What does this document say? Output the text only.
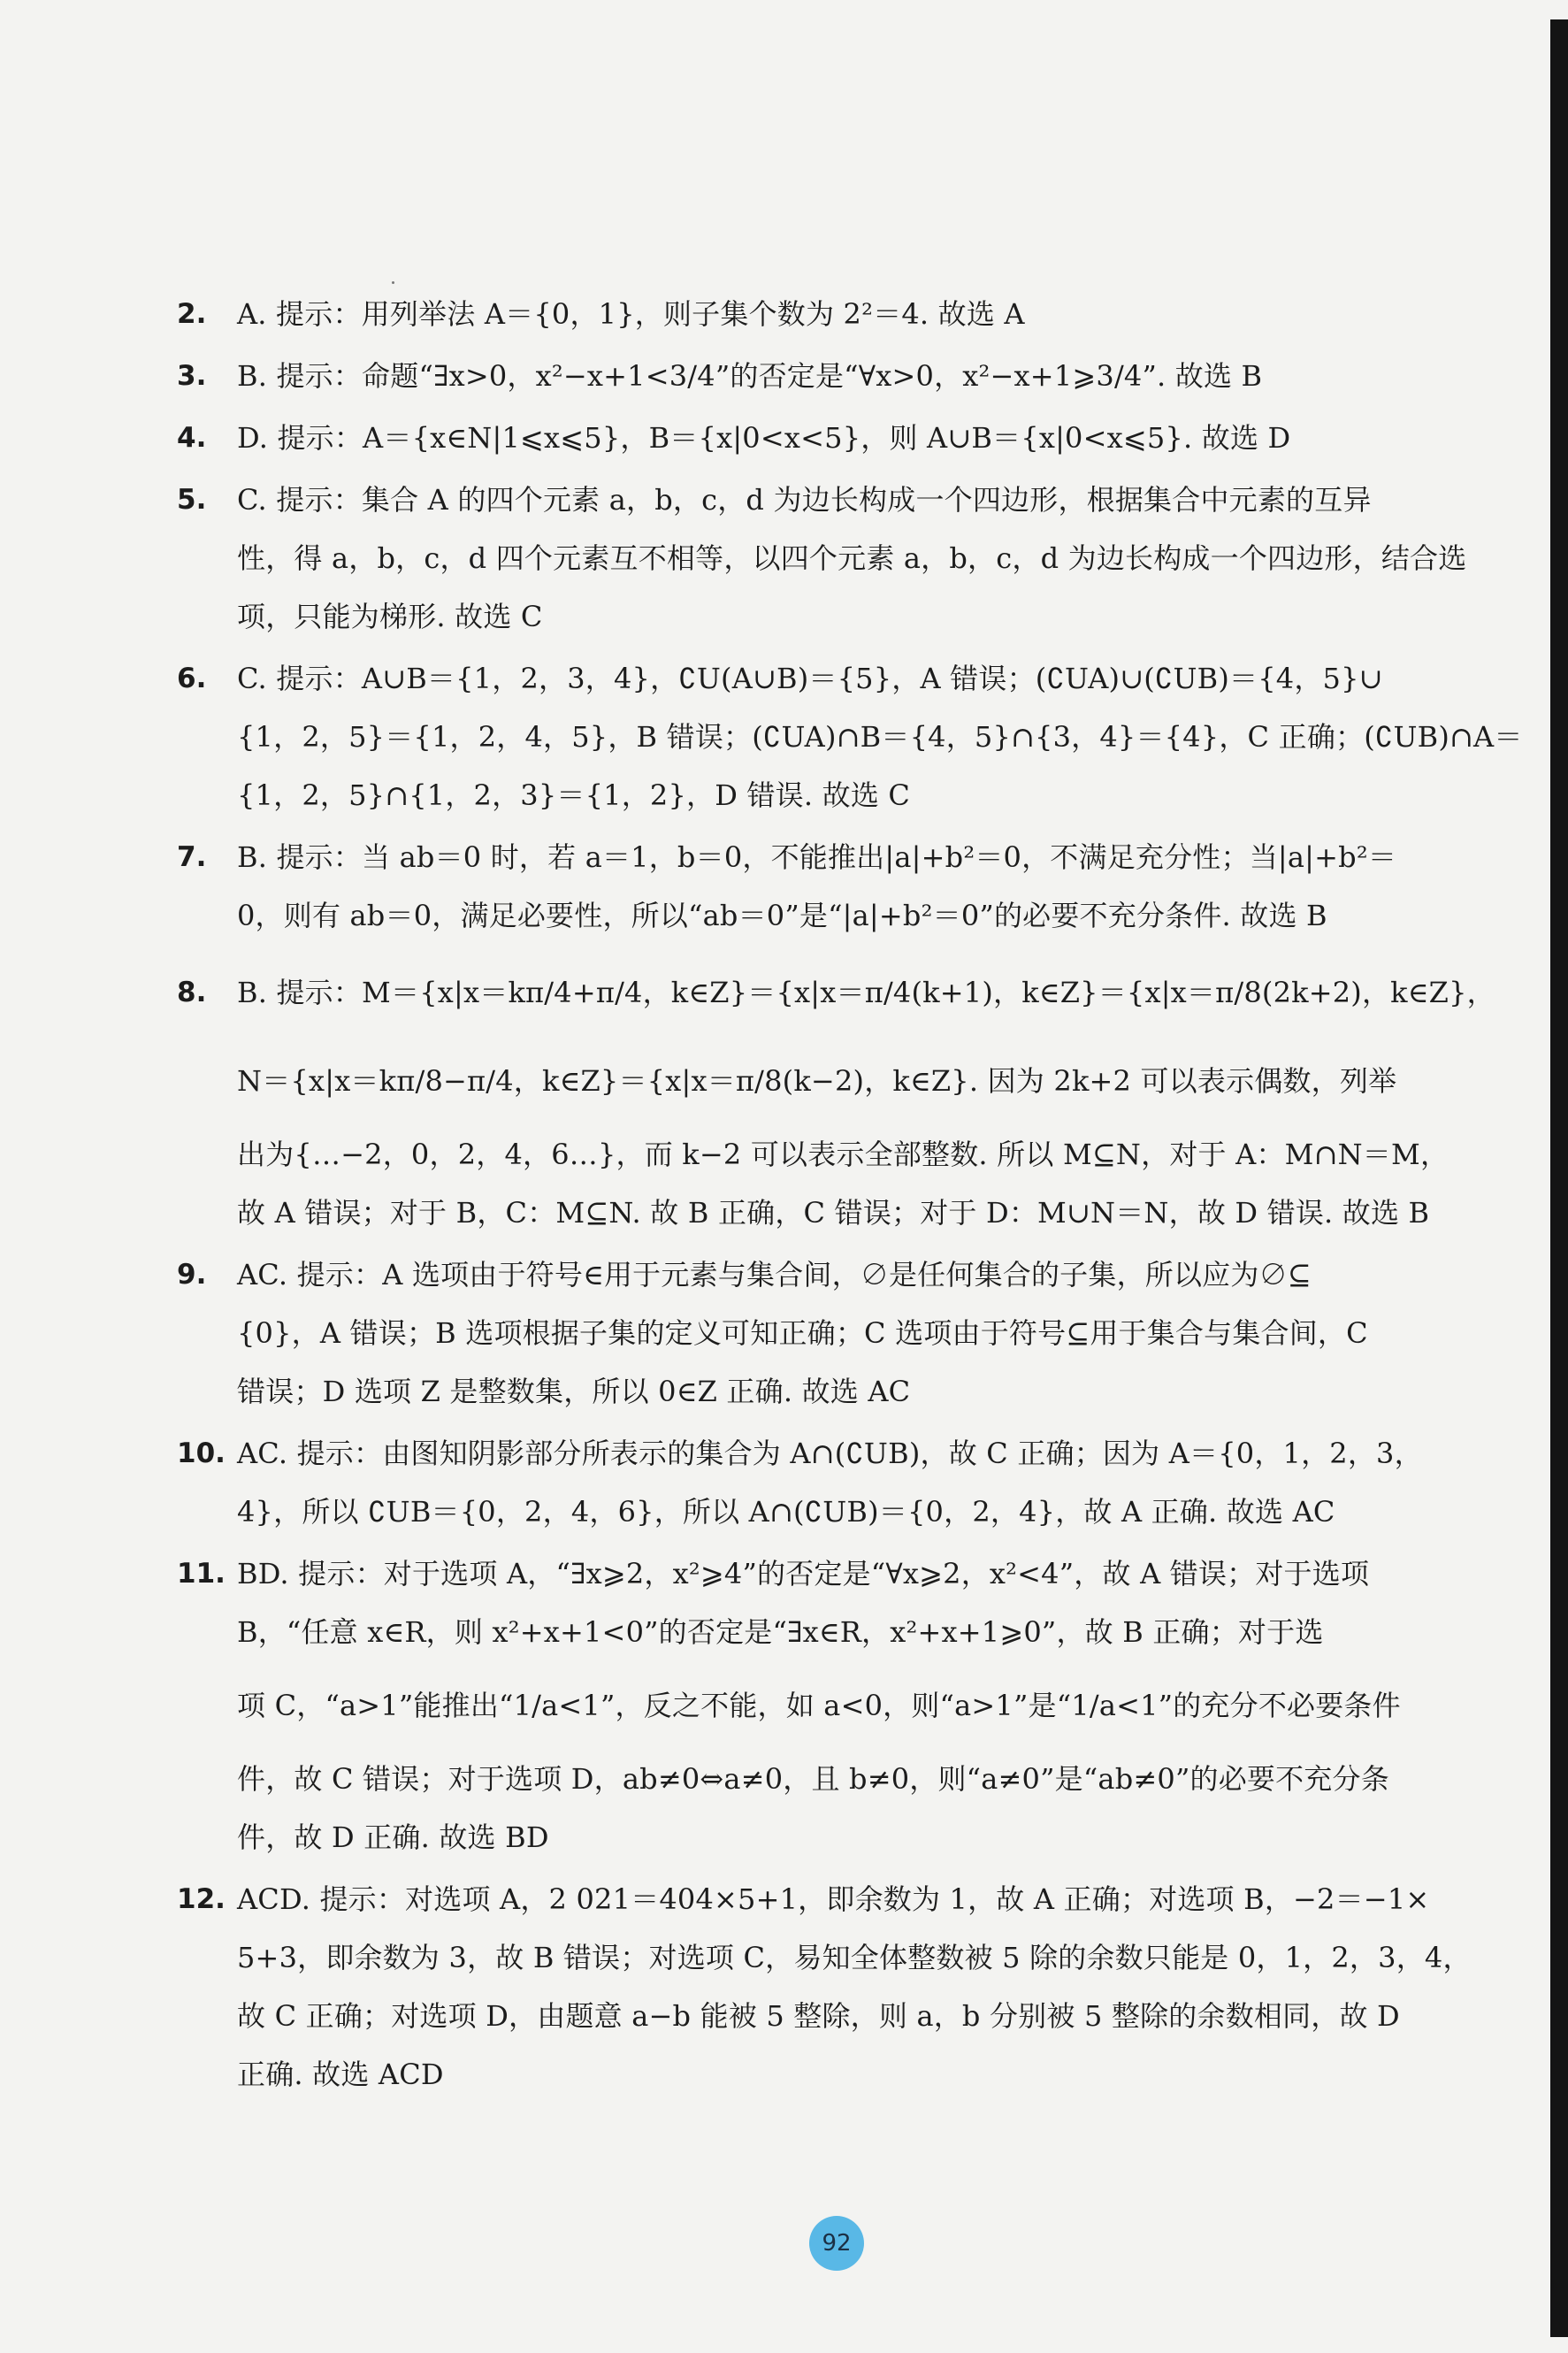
2.	A. 提示：用列举法 A＝{0，1}，则子集个数为 2²＝4. 故选 A
3.	B. 提示：命题“∃x>0，x²−x+1<3/4”的否定是“∀x>0，x²−x+1⩾3/4”. 故选 B
4.	D. 提示：A＝{x∈N|1⩽x⩽5}，B＝{x|0<x<5}，则 A∪B＝{x|0<x⩽5}. 故选 D
5.	C. 提示：集合 A 的四个元素 a，b，c，d 为边长构成一个四边形，根据集合中元素的互异
性，得 a，b，c，d 四个元素互不相等，以四个元素 a，b，c，d 为边长构成一个四边形，结合选
项，只能为梯形. 故选 C
6.	C. 提示：A∪B＝{1，2，3，4}，∁U(A∪B)＝{5}，A 错误；(∁UA)∪(∁UB)＝{4，5}∪
{1，2，5}＝{1，2，4，5}，B 错误；(∁UA)∩B＝{4，5}∩{3，4}＝{4}，C 正确；(∁UB)∩A＝
{1，2，5}∩{1，2，3}＝{1，2}，D 错误. 故选 C
7.	B. 提示：当 ab＝0 时，若 a＝1，b＝0，不能推出|a|+b²＝0，不满足充分性；当|a|+b²＝
0，则有 ab＝0，满足必要性，所以“ab＝0”是“|a|+b²＝0”的必要不充分条件. 故选 B
8.	B. 提示：M＝{x|x＝kπ/4+π/4，k∈Z}＝{x|x＝π/4(k+1)，k∈Z}＝{x|x＝π/8(2k+2)，k∈Z}，
N＝{x|x＝kπ/8−π/4，k∈Z}＝{x|x＝π/8(k−2)，k∈Z}. 因为 2k+2 可以表示偶数，列举
出为{…−2，0，2，4，6…}，而 k−2 可以表示全部整数. 所以 M⊆N，对于 A：M∩N＝M，
故 A 错误；对于 B，C：M⊆N. 故 B 正确，C 错误；对于 D：M∪N＝N，故 D 错误. 故选 B
9.	AC. 提示：A 选项由于符号∈用于元素与集合间，∅是任何集合的子集，所以应为∅⊆
{0}，A 错误；B 选项根据子集的定义可知正确；C 选项由于符号⊆用于集合与集合间，C
错误；D 选项 Z 是整数集，所以 0∈Z 正确. 故选 AC
10. AC. 提示：由图知阴影部分所表示的集合为 A∩(∁UB)，故 C 正确；因为 A＝{0，1，2，3，
4}，所以 ∁UB＝{0，2，4，6}，所以 A∩(∁UB)＝{0，2，4}，故 A 正确. 故选 AC
11. BD. 提示：对于选项 A，“∃x⩾2，x²⩾4”的否定是“∀x⩾2，x²<4”，故 A 错误；对于选项
B，“任意 x∈R，则 x²+x+1<0”的否定是“∃x∈R，x²+x+1⩾0”，故 B 正确；对于选
项 C，“a>1”能推出“1/a<1”，反之不能，如 a<0，则“a>1”是“1/a<1”的充分不必要条件
件，故 C 错误；对于选项 D，ab≠0⇔a≠0，且 b≠0，则“a≠0”是“ab≠0”的必要不充分条
件，故 D 正确. 故选 BD
12. ACD. 提示：对选项 A，2 021＝404×5+1，即余数为 1，故 A 正确；对选项 B，−2＝−1×
5+3，即余数为 3，故 B 错误；对选项 C，易知全体整数被 5 除的余数只能是 0，1，2，3，4，
故 C 正确；对选项 D，由题意 a−b 能被 5 整除，则 a，b 分别被 5 整除的余数相同，故 D
正确. 故选 ACD
92
